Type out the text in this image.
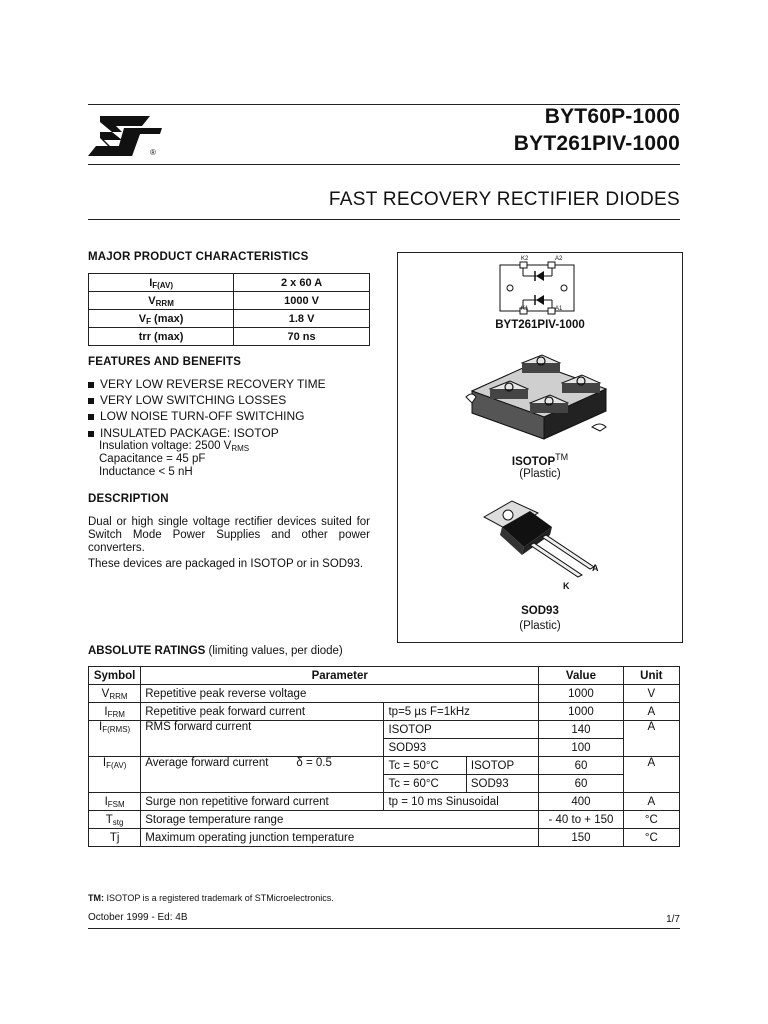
®
BYT60P-1000
BYT261PIV-1000
FAST RECOVERY RECTIFIER DIODES
MAJOR PRODUCT CHARACTERISTICS
$I_{F(AV)}$	2 x 60 A
$V_{RRM}$	1000 V
$V_F$ (max)	1.8 V
trr (max)	70 ns
FEATURES AND BENEFITS
VERY LOW REVERSE RECOVERY TIME
VERY LOW SWITCHING LOSSES
LOW NOISE TURN-OFF SWITCHING
INSULATED PACKAGE: ISOTOP
Insulation voltage: 2500 $V_{RMS}$
Capacitance = 45 pF
Inductance < 5 nH
DESCRIPTION
Dual or high single voltage rectifier devices suited for Switch Mode Power Supplies and other power converters.
These devices are packaged in ISOTOP or in SOD93.
K2	A2
K1	A1
BYT261PIV-1000
ISOTOP™
(Plastic)
A
K
SOD93
(Plastic)
ABSOLUTE RATINGS (limiting values, per diode)
Symbol	Parameter			Value	Unit
$V_{RRM}$	Repetitive peak reverse voltage			1000	V
$I_{FRM}$	Repetitive peak forward current	tp=5 µs F=1kHz		1000	A
$I_{F(RMS)}$	RMS forward current	ISOTOP		140	A
		SOD93		100	
$I_{F(AV)}$	Average forward current δ = 0.5	Tc = 50°C	ISOTOP	60	A
		Tc = 60°C	SOD93	60	
$I_{FSM}$	Surge non repetitive forward current	tp = 10 ms Sinusoidal		400	A
$T_{stg}$	Storage temperature range			- 40 to + 150	°C
Tj	Maximum operating junction temperature			150	°C
TM: ISOTOP is a registered trademark of STMicroelectronics.
October 1999 - Ed: 4B	1/7
